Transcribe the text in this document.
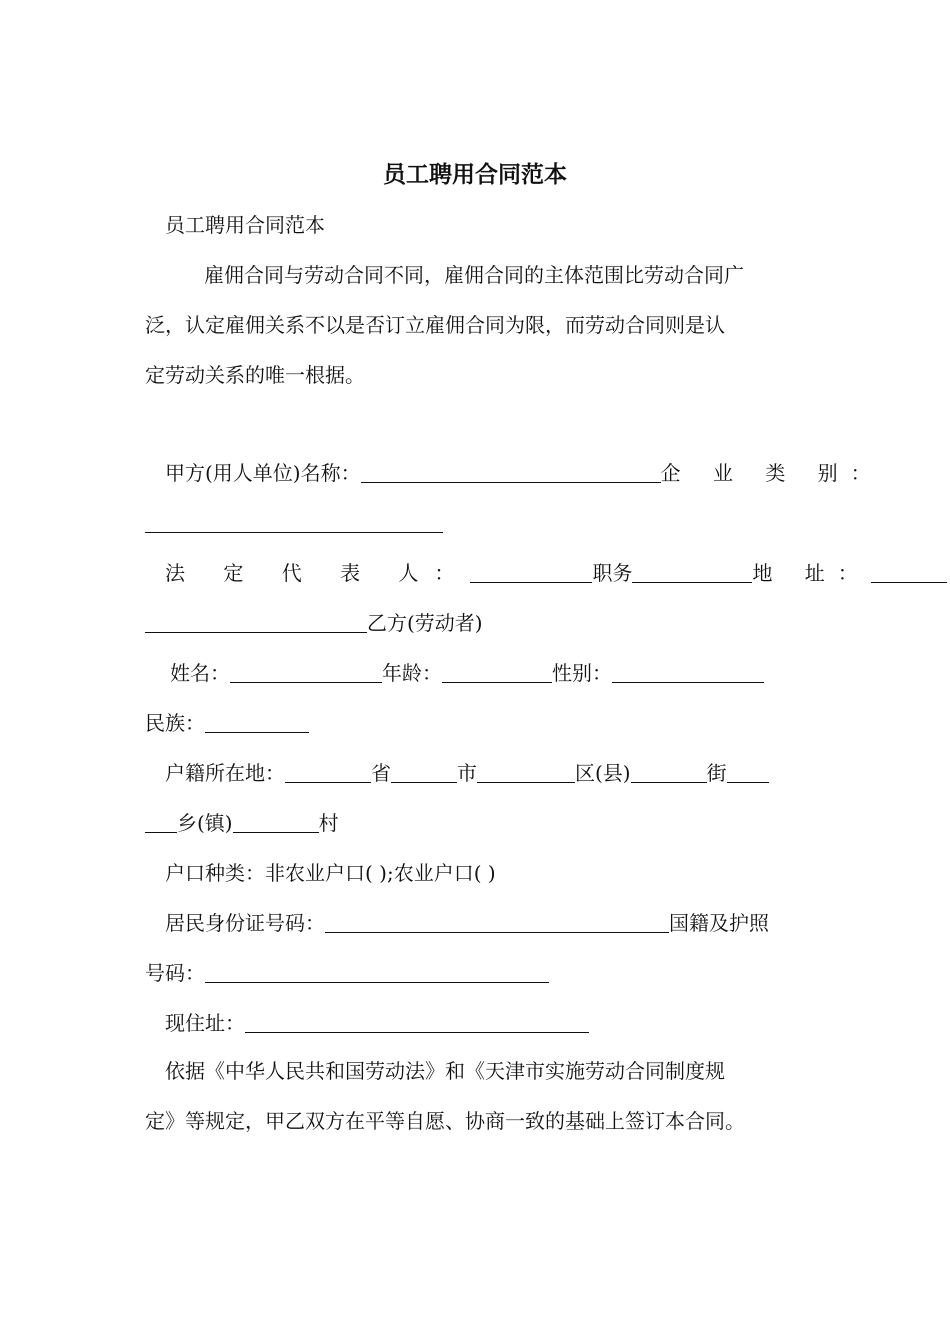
员工聘用合同范本
员工聘用合同范本
雇佣合同与劳动合同不同，雇佣合同的主体范围比劳动合同广
泛，认定雇佣关系不以是否订立雇佣合同为限，而劳动合同则是认
定劳动关系的唯一根据。
甲方(用人单位)名称：	企 业 类 别：
法 定 代 表 人：	职务	地 址：
乙方(劳动者)
姓名：	年龄：	性别：
民族：
户籍所在地：	省	市	区(县)	街
乡(镇)	村
户口种类：非农业户口( );农业户口( )
居民身份证号码：	国籍及护照
号码：
现住址：
依据《中华人民共和国劳动法》和《天津市实施劳动合同制度规
定》等规定，甲乙双方在平等自愿、协商一致的基础上签订本合同。
